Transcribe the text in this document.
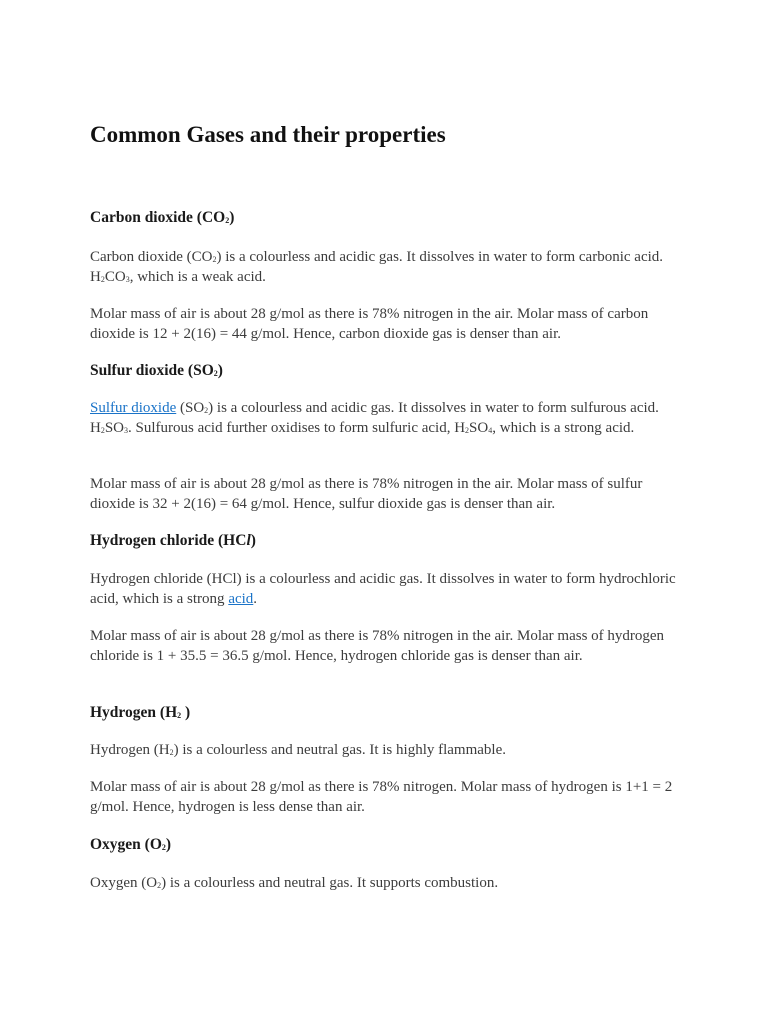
Common Gases and their properties
Carbon dioxide $(CO_2)$

Carbon dioxide $(CO_2)$ is a colourless and acidic gas. It dissolves in water to form carbonic acid. $H_2CO_3$, which is a weak acid.

Molar mass of air is about 28 g/mol as there is 78% nitrogen in the air. Molar mass of carbon dioxide is 12 + 2(16) = 44 g/mol. Hence, carbon dioxide gas is denser than air.

Sulfur dioxide $(SO_2)$

Sulfur dioxide $(SO_2)$ is a colourless and acidic gas. It dissolves in water to form sulfurous acid. $H_2SO_3$. Sulfurous acid further oxidises to form sulfuric acid, $H_2SO_4$, which is a strong acid.

Molar mass of air is about 28 g/mol as there is 78% nitrogen in the air. Molar mass of sulfur dioxide is 32 + 2(16) = 64 g/mol. Hence, sulfur dioxide gas is denser than air.

Hydrogen chloride (HCl)

Hydrogen chloride (HCl) is a colourless and acidic gas. It dissolves in water to form hydrochloric acid, which is a strong acid.

Molar mass of air is about 28 g/mol as there is 78% nitrogen in the air. Molar mass of hydrogen chloride is 1 + 35.5 = 36.5 g/mol. Hence, hydrogen chloride gas is denser than air.

Hydrogen ($H_2$ )

Hydrogen $(H_2)$ is a colourless and neutral gas. It is highly flammable.

Molar mass of air is about 28 g/mol as there is 78% nitrogen. Molar mass of hydrogen is 1+1 = 2 g/mol. Hence, hydrogen is less dense than air.

Oxygen $(O_2)$

Oxygen $(O_2)$ is a colourless and neutral gas. It supports combustion.
